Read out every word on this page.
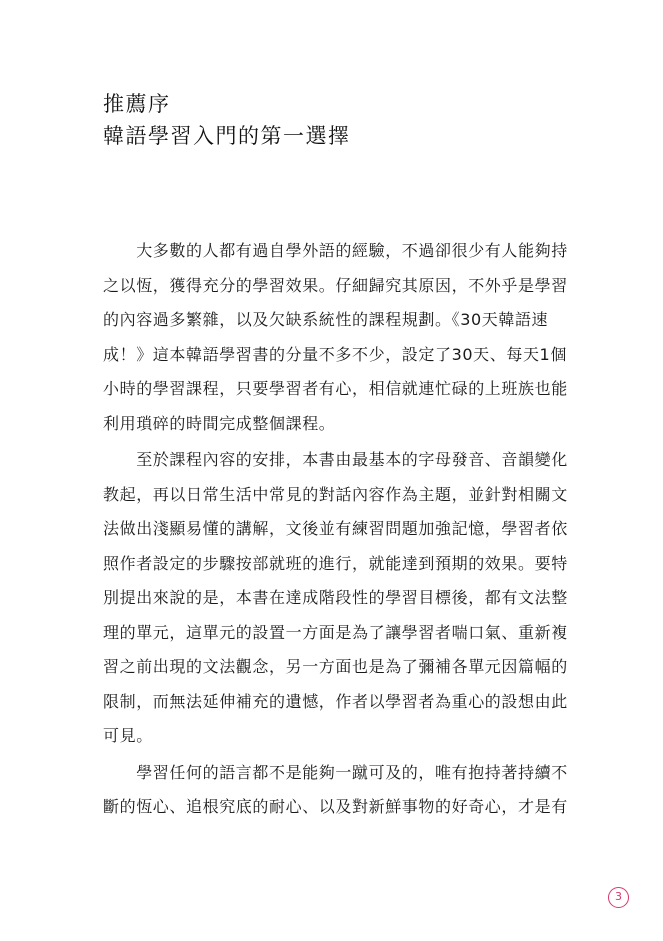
推薦序
韓語學習入門的第一選擇
　　大多數的人都有過自學外語的經驗，不過卻很少有人能夠持
之以恆，獲得充分的學習效果。仔細歸究其原因，不外乎是學習
的內容過多繁雜，以及欠缺系統性的課程規劃。《30天韓語速
成！》這本韓語學習書的分量不多不少，設定了30天、每天1個
小時的學習課程，只要學習者有心，相信就連忙碌的上班族也能
利用瑣碎的時間完成整個課程。
　　至於課程內容的安排，本書由最基本的字母發音、音韻變化
教起，再以日常生活中常見的對話內容作為主題，並針對相關文
法做出淺顯易懂的講解，文後並有練習問題加強記憶，學習者依
照作者設定的步驟按部就班的進行，就能達到預期的效果。要特
別提出來說的是，本書在達成階段性的學習目標後，都有文法整
理的單元，這單元的設置一方面是為了讓學習者喘口氣、重新複
習之前出現的文法觀念，另一方面也是為了彌補各單元因篇幅的
限制，而無法延伸補充的遺憾，作者以學習者為重心的設想由此
可見。
　　學習任何的語言都不是能夠一蹴可及的，唯有抱持著持續不
斷的恆心、追根究底的耐心、以及對新鮮事物的好奇心，才是有
3
